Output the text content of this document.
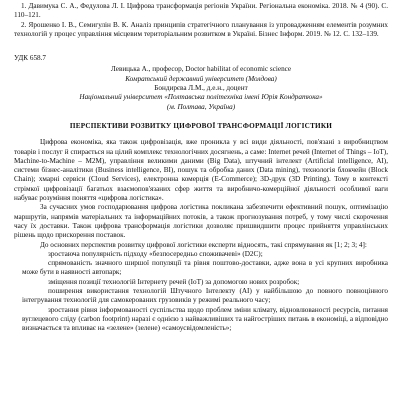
1. Давимука С. А., Федулова Л. І. Цифрова трансформація регіонів України. Регіональна економіка. 2018. № 4 (90). С. 110–121.

2. Ярошенко І. В., Семигулін В. К. Аналіз принципів стратегічного планування із упровадженням елементів розумних технологій у процес управління місцевим територіальним розвитком в Україні. Бізнес Інформ. 2019. № 12. С. 132–139.

УДК 658.7

Левицька А., професор, Doctor habilitat of economic science

Комратський державний університет (Молдова)

Бондирєва Л.М., д.е.н., доцент

Національний університет «Полтавська політехніка імені Юрія Кондратюка»

(м. Полтава, Україна)

ПЕРСПЕКТИВИ РОЗВИТКУ ЦИФРОВОЇ ТРАНСФОРМАЦІЇ ЛОГІСТИКИ

Цифрова економіка, яка також цифровізація, вже проникла у всі види діяльності, пов'язані з виробництвом товарів і послуг й спирається на цілий комплекс технологічних досягнень, а саме: Internet речей (Internet of Things – IoT), Machine-to-Machine – M2M), управління великими даними (Big Data), штучний інтелект (Artificial intelligence, AI), системи бізнес-аналітики (Business intelligence, BI), пошук та обробка даних (Data mining), технологія блокчейн (Block Chain); хмарні сервіси (Cloud Services), електронна комерція (E-Commerce); 3D-друк (3D Printing). Тому в контексті стрімкої цифровізації багатьох взаємопов'язаних сфер життя та виробничо-комерційної діяльності особливої ваги набуває розуміння поняття «цифрова логістика».

За сучасних умов господарювання цифрова логістика покликана забезпечити ефективний пошук, оптимізацію маршрутів, напрямів матеріальних та інформаційних потоків, а також прогнозування потреб, у тому числі скорочення часу їх доставки. Також цифрова трансформація логістики дозволяє пришвидшити процес прийняття управлінських рішень щодо прискорення поставок.

До основних перспектив розвитку цифрової логістики експерти відносять, такі спрямування як [1; 2; 3; 4]:

зростаюча популярність підходу «безпосередньо споживачеві» (D2C);

спрямованість значного ширшої популяції та рівня поштово-доставки, адже вона в усі крупних виробника може бути в наявності автопарк;

зміщення позиції технологій Інтернету речей (IoT) за допомогою нових розробок;

поширення використання технологій Штучного Інтелекту (AI) у найбільшою до повного повноцінного інтегрування технологій для самокерованих грузовиків у режимі реального часу;

зростання рівня інформованості суспільства щодо проблем зміни клімату, відновлюваності ресурсів, питання вуглецевого сліду (carbon footprint) наразі є однією з найважливіших та найгостріших питань в економіці, а відповідно визначається та впливає на «зелене» (зелене) «самоусвідомленість»;
